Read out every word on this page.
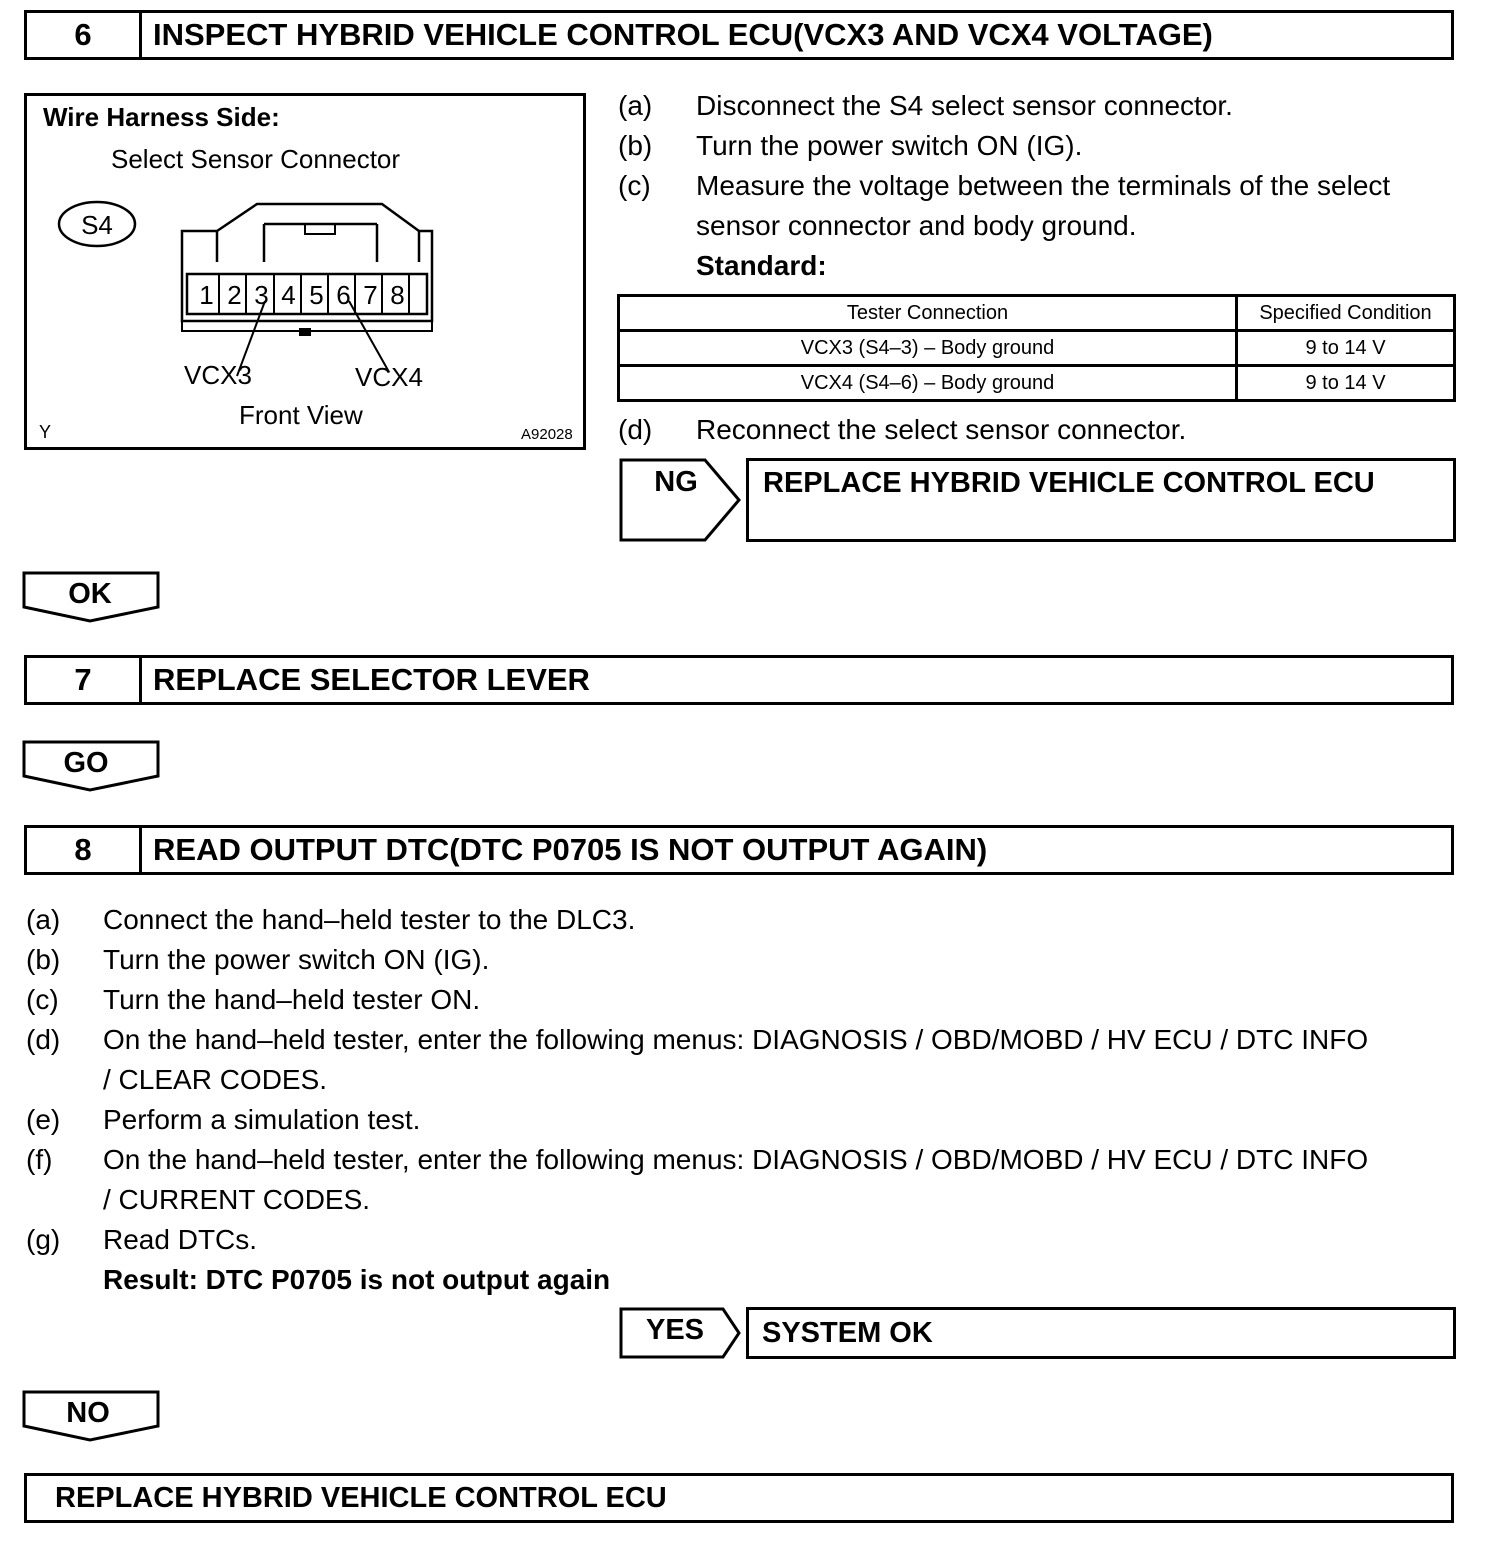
6	INSPECT HYBRID VEHICLE CONTROL ECU(VCX3 AND VCX4 VOLTAGE)
Wire Harness Side:
Select Sensor Connector
S4
1 2 3 4 5 6 7 8
VCX3	VCX4
Front View
Y	A92028
(a) Disconnect the S4 select sensor connector.
(b) Turn the power switch ON (IG).
(c) Measure the voltage between the terminals of the select
sensor connector and body ground.
Standard:
Tester Connection	Specified Condition
VCX3 (S4–3) – Body ground	9 to 14 V
VCX4 (S4–6) – Body ground	9 to 14 V
(d) Reconnect the select sensor connector.
NG	REPLACE HYBRID VEHICLE CONTROL ECU
OK
7	REPLACE SELECTOR LEVER
GO
8	READ OUTPUT DTC(DTC P0705 IS NOT OUTPUT AGAIN)
(a) Connect the hand–held tester to the DLC3.
(b) Turn the power switch ON (IG).
(c) Turn the hand–held tester ON.
(d) On the hand–held tester, enter the following menus: DIAGNOSIS / OBD/MOBD / HV ECU / DTC INFO
/ CLEAR CODES.
(e) Perform a simulation test.
(f) On the hand–held tester, enter the following menus: DIAGNOSIS / OBD/MOBD / HV ECU / DTC INFO
/ CURRENT CODES.
(g) Read DTCs.
Result: DTC P0705 is not output again
YES	SYSTEM OK
NO
REPLACE HYBRID VEHICLE CONTROL ECU
